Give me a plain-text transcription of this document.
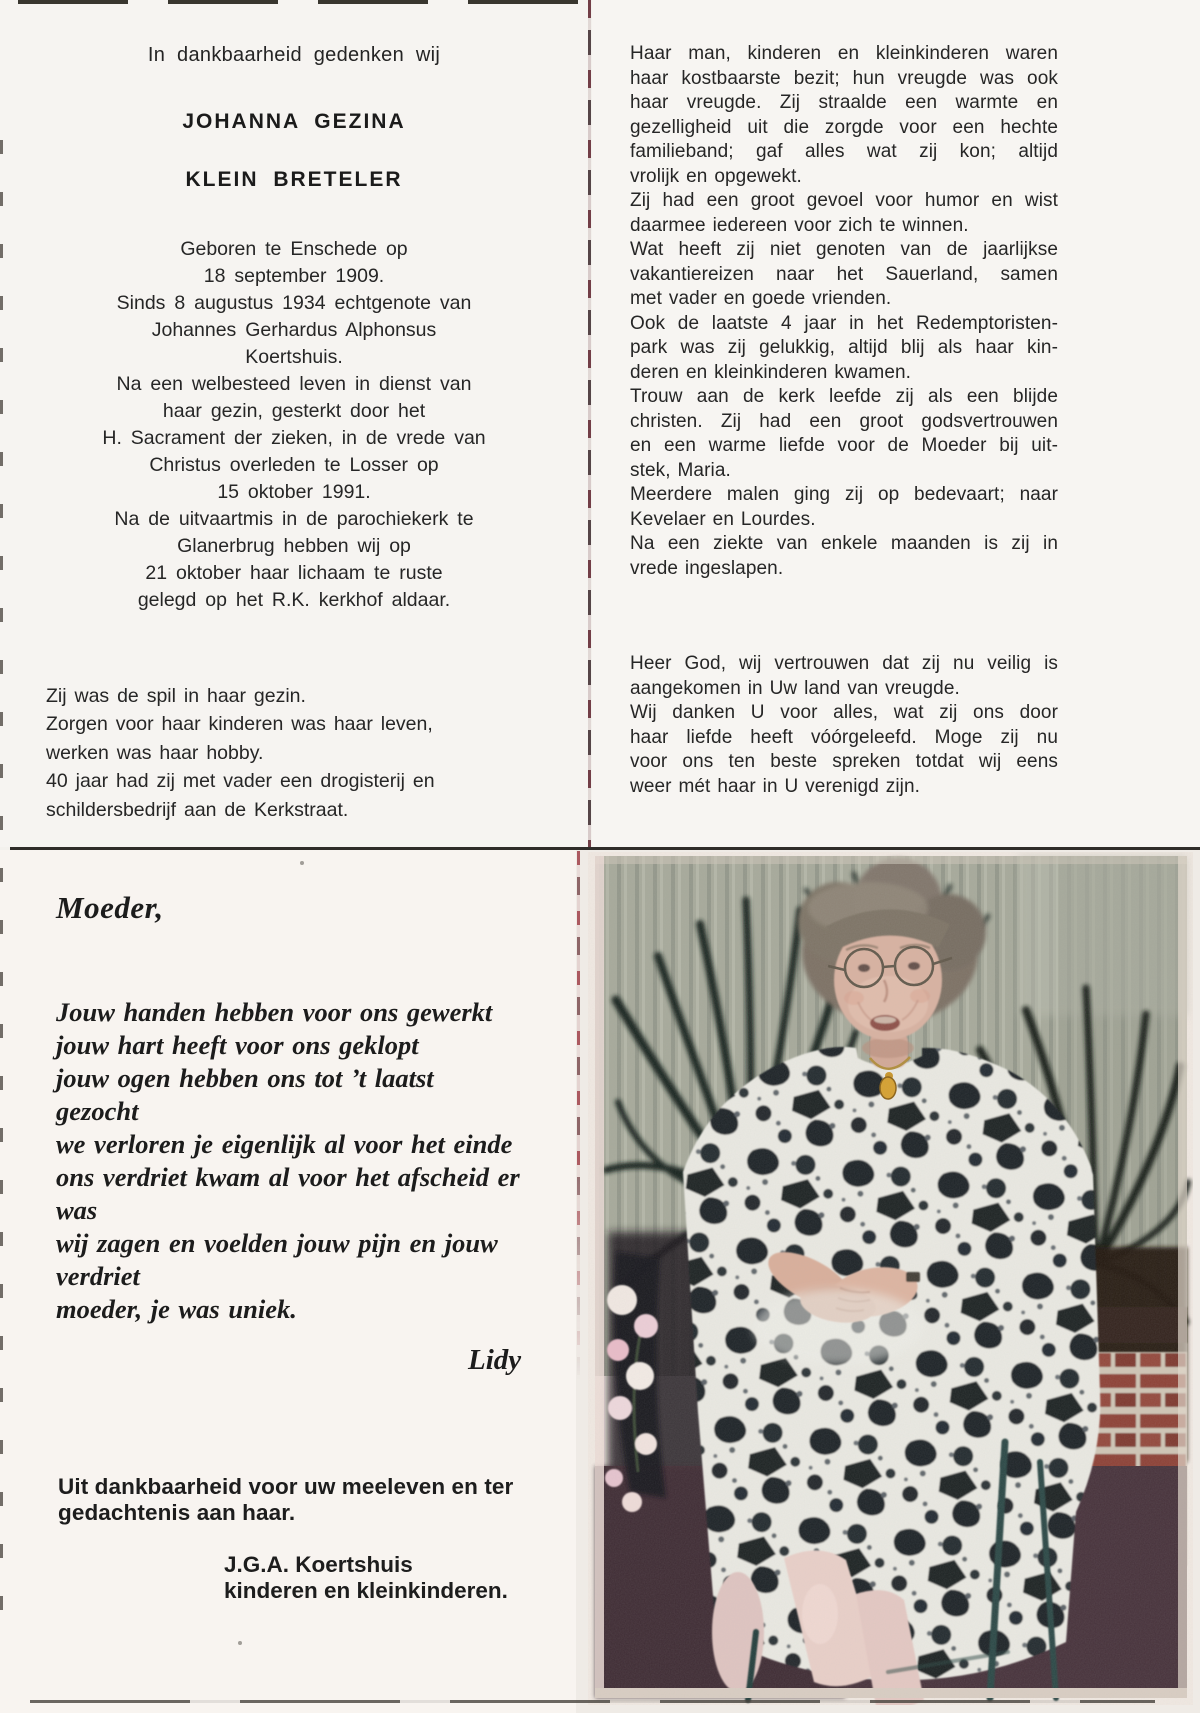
In dankbaarheid gedenken wij
JOHANNA GEZINA
KLEIN BRETELER
Geboren te Enschede op
18 september 1909.
Sinds 8 augustus 1934 echtgenote van
Johannes Gerhardus Alphonsus
Koertshuis.
Na een welbesteed leven in dienst van
haar gezin, gesterkt door het
H. Sacrament der zieken, in de vrede van
Christus overleden te Losser op
15 oktober 1991.
Na de uitvaartmis in de parochiekerk te
Glanerbrug hebben wij op
21 oktober haar lichaam te ruste
gelegd op het R.K. kerkhof aldaar.
Zij was de spil in haar gezin.
Zorgen voor haar kinderen was haar leven,
werken was haar hobby.
40 jaar had zij met vader een drogisterij en
schildersbedrijf aan de Kerkstraat.
Haar man, kinderen en kleinkinderen waren
haar kostbaarste bezit; hun vreugde was ook
haar vreugde. Zij straalde een warmte en
gezelligheid uit die zorgde voor een hechte
familieband; gaf alles wat zij kon; altijd
vrolijk en opgewekt.
Zij had een groot gevoel voor humor en wist
daarmee iedereen voor zich te winnen.
Wat heeft zij niet genoten van de jaarlijkse
vakantiereizen naar het Sauerland, samen
met vader en goede vrienden.
Ook de laatste 4 jaar in het Redemptoristen-
park was zij gelukkig, altijd blij als haar kin-
deren en kleinkinderen kwamen.
Trouw aan de kerk leefde zij als een blijde
christen. Zij had een groot godsvertrouwen
en een warme liefde voor de Moeder bij uit-
stek, Maria.
Meerdere malen ging zij op bedevaart; naar
Kevelaer en Lourdes.
Na een ziekte van enkele maanden is zij in
vrede ingeslapen.
Heer God, wij vertrouwen dat zij nu veilig is
aangekomen in Uw land van vreugde.
Wij danken U voor alles, wat zij ons door
haar liefde heeft vóórgeleefd. Moge zij nu
voor ons ten beste spreken totdat wij eens
weer mét haar in U verenigd zijn.
Moeder,
Jouw handen hebben voor ons gewerkt
jouw hart heeft voor ons geklopt
jouw ogen hebben ons tot ’t laatst
gezocht
we verloren je eigenlijk al voor het einde
ons verdriet kwam al voor het afscheid er
was
wij zagen en voelden jouw pijn en jouw
verdriet
moeder, je was uniek.
Lidy
Uit dankbaarheid voor uw meeleven en ter
gedachtenis aan haar.
J.G.A. Koertshuis
kinderen en kleinkinderen.
